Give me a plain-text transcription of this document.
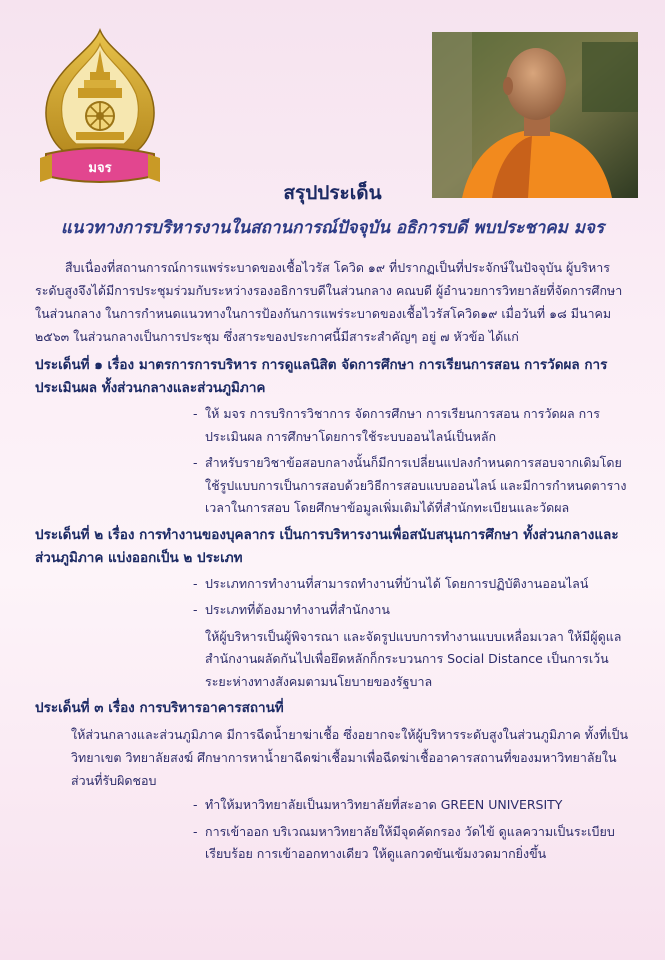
มจร
สรุปประเด็น
แนวทางการบริหารงานในสถานการณ์ปัจจุบัน อธิการบดี พบประชาคม มจร

สืบเนื่องที่สถานการณ์การแพร่ระบาดของเชื้อไวรัส โควิด ๑๙ ที่ปรากฏเป็นที่ประจักษ์ในปัจจุบัน ผู้บริหารระดับสูงจึงได้มีการประชุมร่วมกับระหว่างรองอธิการบดีในส่วนกลาง คณบดี ผู้อำนวยการวิทยาลัยที่จัดการศึกษาในส่วนกลาง ในการกำหนดแนวทางในการป้องกันการแพร่ระบาดของเชื้อไวรัสโควิด๑๙ เมื่อวันที่ ๑๘ มีนาคม ๒๕๖๓ ในส่วนกลางเป็นการประชุม ซึ่งสาระของประกาศนี้มีสาระสำคัญๆ อยู่ ๗ หัวข้อ ได้แก่

ประเด็นที่ ๑ เรื่อง มาตรการการบริหาร การดูแลนิสิต จัดการศึกษา การเรียนการสอน การวัดผล การประเมินผล ทั้งส่วนกลางและส่วนภูมิภาค
- ให้ มจร การบริการวิชาการ จัดการศึกษา การเรียนการสอน การวัดผล การประเมินผล การศึกษาโดยการใช้ระบบออนไลน์เป็นหลัก
- สำหรับรายวิชาข้อสอบกลางนั้นก็มีการเปลี่ยนแปลงกำหนดการสอบจากเดิมโดยใช้รูปแบบการเป็นการสอบด้วยวิธีการสอบแบบออนไลน์ และมีการกำหนดตารางเวลาในการสอบ โดยศึกษาข้อมูลเพิ่มเติมได้ที่สำนักทะเบียนและวัดผล
ประเด็นที่ ๒ เรื่อง การทำงานของบุคลากร เป็นการบริหารงานเพื่อสนับสนุนการศึกษา ทั้งส่วนกลางและส่วนภูมิภาค แบ่งออกเป็น ๒ ประเภท
- ประเภทการทำงานที่สามารถทำงานที่บ้านได้ โดยการปฏิบัติงานออนไลน์
- ประเภทที่ต้องมาทำงานที่สำนักงาน
ให้ผู้บริหารเป็นผู้พิจารณา และจัดรูปแบบการทำงานแบบเหลื่อมเวลา ให้มีผู้ดูแลสำนักงานผลัดกันไปเพื่อยึดหลักก็กระบวนการ Social Distance เป็นการเว้นระยะห่างทางสังคมตามนโยบายของรัฐบาล
ประเด็นที่ ๓ เรื่อง การบริหารอาคารสถานที่

ให้ส่วนกลางและส่วนภูมิภาค มีการฉีดน้ำยาฆ่าเชื้อ ซึ่งอยากจะให้ผู้บริหารระดับสูงในส่วนภูมิภาค ทั้งที่เป็นวิทยาเขต วิทยาลัยสงฆ์ ศึกษาการหาน้ำยาฉีดฆ่าเชื้อมาเพื่อฉีดฆ่าเชื้ออาคารสถานที่ของมหาวิทยาลัยในส่วนที่รับผิดชอบ

- ทำให้มหาวิทยาลัยเป็นมหาวิทยาลัยที่สะอาด GREEN UNIVERSITY
- การเข้าออก บริเวณมหาวิทยาลัยให้มีจุดคัดกรอง วัดไข้ ดูแลความเป็นระเบียบเรียบร้อย การเข้าออกทางเดียว ให้ดูแลกวดขันเข้มงวดมากยิ่งขึ้น
